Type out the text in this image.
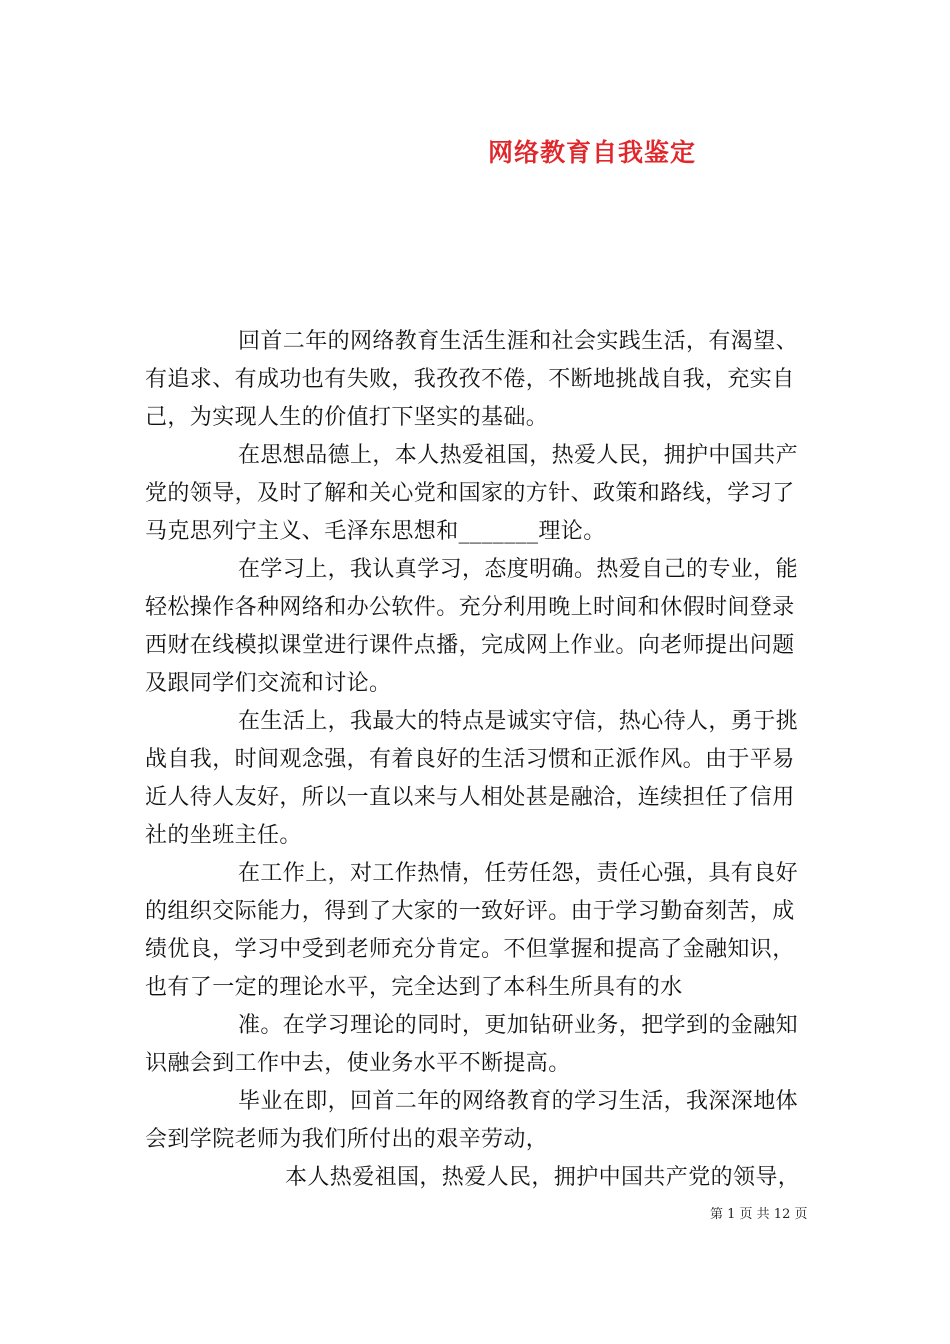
网络教育自我鉴定

回首二年的网络教育生活生涯和社会实践生活，有渴望、

有追求、有成功也有失败，我孜孜不倦，不断地挑战自我，充实自

己，为实现人生的价值打下坚实的基础。

在思想品德上，本人热爱祖国，热爱人民，拥护中国共产

党的领导，及时了解和关心党和国家的方针、政策和路线，学习了

马克思列宁主义、毛泽东思想和_______理论。

在学习上，我认真学习，态度明确。热爱自己的专业，能

轻松操作各种网络和办公软件。充分利用晚上时间和休假时间登录

西财在线模拟课堂进行课件点播，完成网上作业。向老师提出问题

及跟同学们交流和讨论。

在生活上，我最大的特点是诚实守信，热心待人，勇于挑

战自我，时间观念强，有着良好的生活习惯和正派作风。由于平易

近人待人友好，所以一直以来与人相处甚是融洽，连续担任了信用

社的坐班主任。

在工作上，对工作热情，任劳任怨，责任心强，具有良好

的组织交际能力，得到了大家的一致好评。由于学习勤奋刻苦，成

绩优良，学习中受到老师充分肯定。不但掌握和提高了金融知识，

也有了一定的理论水平，完全达到了本科生所具有的水

准。在学习理论的同时，更加钻研业务，把学到的金融知

识融会到工作中去，使业务水平不断提高。

毕业在即，回首二年的网络教育的学习生活，我深深地体

会到学院老师为我们所付出的艰辛劳动，

本人热爱祖国，热爱人民，拥护中国共产党的领导，

第 1 页 共 12 页
